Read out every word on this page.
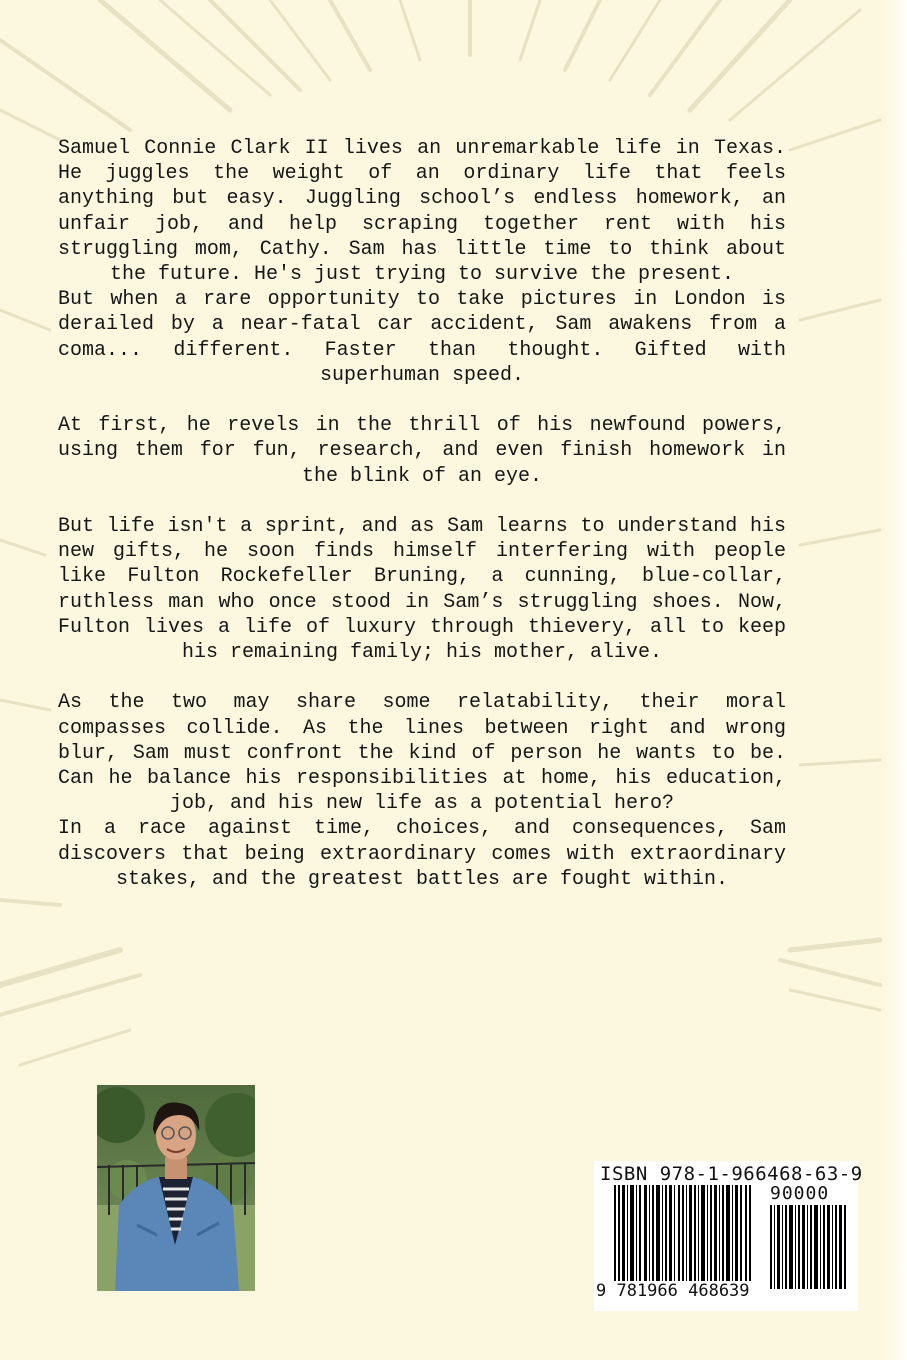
Samuel Connie Clark II lives an unremarkable life in Texas. He juggles the weight of an ordinary life that feels anything but easy. Juggling school’s endless homework, an unfair job, and help scraping together rent with his struggling mom, Cathy. Sam has little time to think about the future. He's just trying to survive the present.

But when a rare opportunity to take pictures in London is derailed by a near-fatal car accident, Sam awakens from a coma... different. Faster than thought. Gifted with superhuman speed.

At first, he revels in the thrill of his newfound powers, using them for fun, research, and even finish homework in the blink of an eye.

But life isn't a sprint, and as Sam learns to understand his new gifts, he soon finds himself interfering with people like Fulton Rockefeller Bruning, a cunning, blue-collar, ruthless man who once stood in Sam’s struggling shoes. Now, Fulton lives a life of luxury through thievery, all to keep his remaining family; his mother, alive.

As the two may share some relatability, their moral compasses collide. As the lines between right and wrong blur, Sam must confront the kind of person he wants to be. Can he balance his responsibilities at home, his education, job, and his new life as a potential hero?

In a race against time, choices, and consequences, Sam discovers that being extraordinary comes with extraordinary stakes, and the greatest battles are fought within.

ISBN 978-1-966468-63-9
90000
9 781966 468639
